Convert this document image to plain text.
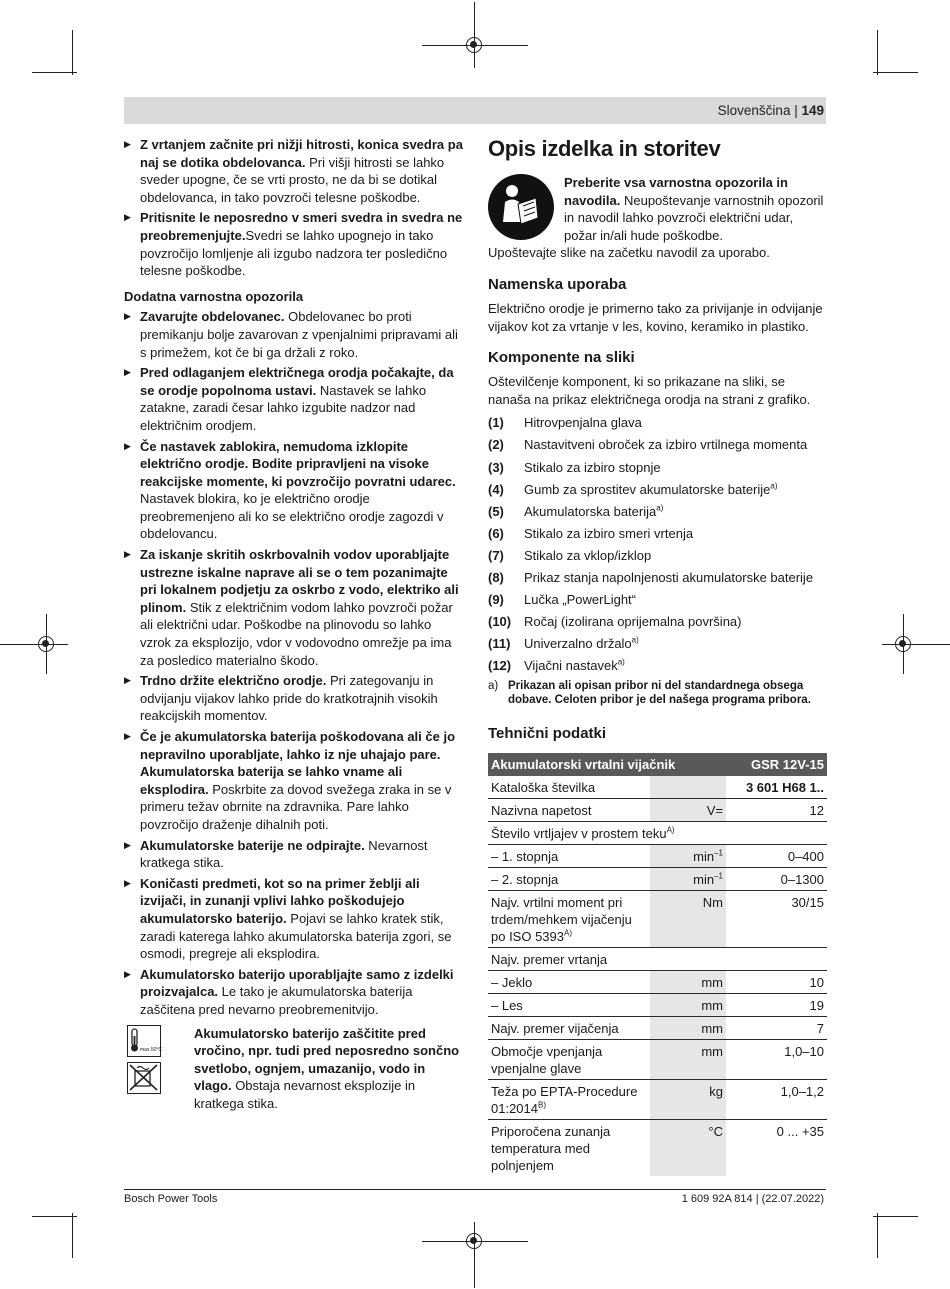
Slovenščina | 149
▶ Z vrtanjem začnite pri nižji hitrosti, konica svedra pa naj se dotika obdelovanca. Pri višji hitrosti se lahko sveder upogne, če se vrti prosto, ne da bi se dotikal obdelovanca, in tako povzroči telesne poškodbe.
▶ Pritisnite le neposredno v smeri svedra in svedra ne preobremenjujte.Svedri se lahko upognejo in tako povzročijo lomljenje ali izgubo nadzora ter posledično telesne poškodbe.
Dodatna varnostna opozorila
▶ Zavarujte obdelovanec. Obdelovanec bo proti premikanju bolje zavarovan z vpenjalnimi pripravami ali s primežem, kot če bi ga držali z roko.
▶ Pred odlaganjem električnega orodja počakajte, da se orodje popolnoma ustavi. Nastavek se lahko zatakne, zaradi česar lahko izgubite nadzor nad električnim orodjem.
▶ Če nastavek zablokira, nemudoma izklopite električno orodje. Bodite pripravljeni na visoke reakcijske momente, ki povzročijo povratni udarec. Nastavek blokira, ko je električno orodje preobremenjeno ali ko se električno orodje zagozdi v obdelovancu.
▶ Za iskanje skritih oskrbovalnih vodov uporabljajte ustrezne iskalne naprave ali se o tem pozanimajte pri lokalnem podjetju za oskrbo z vodo, elektriko ali plinom. Stik z električnim vodom lahko povzroči požar ali električni udar. Poškodbe na plinovodu so lahko vzrok za eksplozijo, vdor v vodovodno omrežje pa ima za posledico materialno škodo.
▶ Trdno držite električno orodje. Pri zategovanju in odvijanju vijakov lahko pride do kratkotrajnih visokih reakcijskih momentov.
▶ Če je akumulatorska baterija poškodovana ali če jo nepravilno uporabljate, lahko iz nje uhajajo pare. Akumulatorska baterija se lahko vname ali eksplodira. Poskrbite za dovod svežega zraka in se v primeru težav obrnite na zdravnika. Pare lahko povzročijo draženje dihalnih poti.
▶ Akumulatorske baterije ne odpirajte. Nevarnost kratkega stika.
▶ Koničasti predmeti, kot so na primer žeblji ali izvijači, in zunanji vplivi lahko poškodujejo akumulatorsko baterijo. Pojavi se lahko kratek stik, zaradi katerega lahko akumulatorska baterija zgori, se osmodi, pregreje ali eksplodira.
▶ Akumulatorsko baterijo uporabljajte samo z izdelki proizvajalca. Le tako je akumulatorska baterija zaščitena pred nevarno preobremenitvijo.
max.50°C
Akumulatorsko baterijo zaščitite pred vročino, npr. tudi pred neposredno sončno svetlobo, ognjem, umazanijo, vodo in vlago. Obstaja nevarnost eksplozije in kratkega stika.
Opis izdelka in storitev
Preberite vsa varnostna opozorila in navodila. Neupoštevanje varnostnih opozoril in navodil lahko povzroči električni udar, požar in/ali hude poškodbe.
Upoštevajte slike na začetku navodil za uporabo.
Namenska uporaba
Električno orodje je primerno tako za privijanje in odvijanje vijakov kot za vrtanje v les, kovino, keramiko in plastiko.
Komponente na sliki
Oštevilčenje komponent, ki so prikazane na sliki, se nanaša na prikaz električnega orodja na strani z grafiko.
(1)	Hitrovpenjalna glava
(2)	Nastavitveni obroček za izbiro vrtilnega momenta
(3)	Stikalo za izbiro stopnje
(4)	Gumb za sprostitev akumulatorske baterije$^{a)}$
(5)	Akumulatorska baterija$^{a)}$
(6)	Stikalo za izbiro smeri vrtenja
(7)	Stikalo za vklop/izklop
(8)	Prikaz stanja napolnjenosti akumulatorske baterije
(9)	Lučka „PowerLight“
(10) Ročaj (izolirana oprijemalna površina)
(11)	Univerzalno držalo$^{a)}$
(12) Vijačni nastavek$^{a)}$
a) Prikazan ali opisan pribor ni del standardnega obsega dobave. Celoten pribor je del našega programa pribora.
Tehnični podatki
Akumulatorski vrtalni vijačnik		GSR 12V-15
Kataloška številka		3 601 H68 1..
Nazivna napetost	V=	12
Število vrtljajev v prostem teku$^{A)}$
– 1. stopnja	$\min^{-1}$	0–400
– 2. stopnja	$\min^{-1}$	0–1300
Najv. vrtilni moment pri trdem/mehkem vijačenju po ISO $5393^{A)}$	Nm	30/15
Najv. premer vrtanja		
– Jeklo	mm	10
– Les	mm	19
Najv. premer vijačenja	mm	7
Območje vpenjanja vpenjalne glave	mm	1,0–10
Teža po EPTA-Procedure $01:2014^{B)}$	kg	1,0–1,2
Priporočena zunanja temperatura med polnjenjem	°C	0 ... +35
Bosch Power Tools	1 609 92A 814 | (22.07.2022)
